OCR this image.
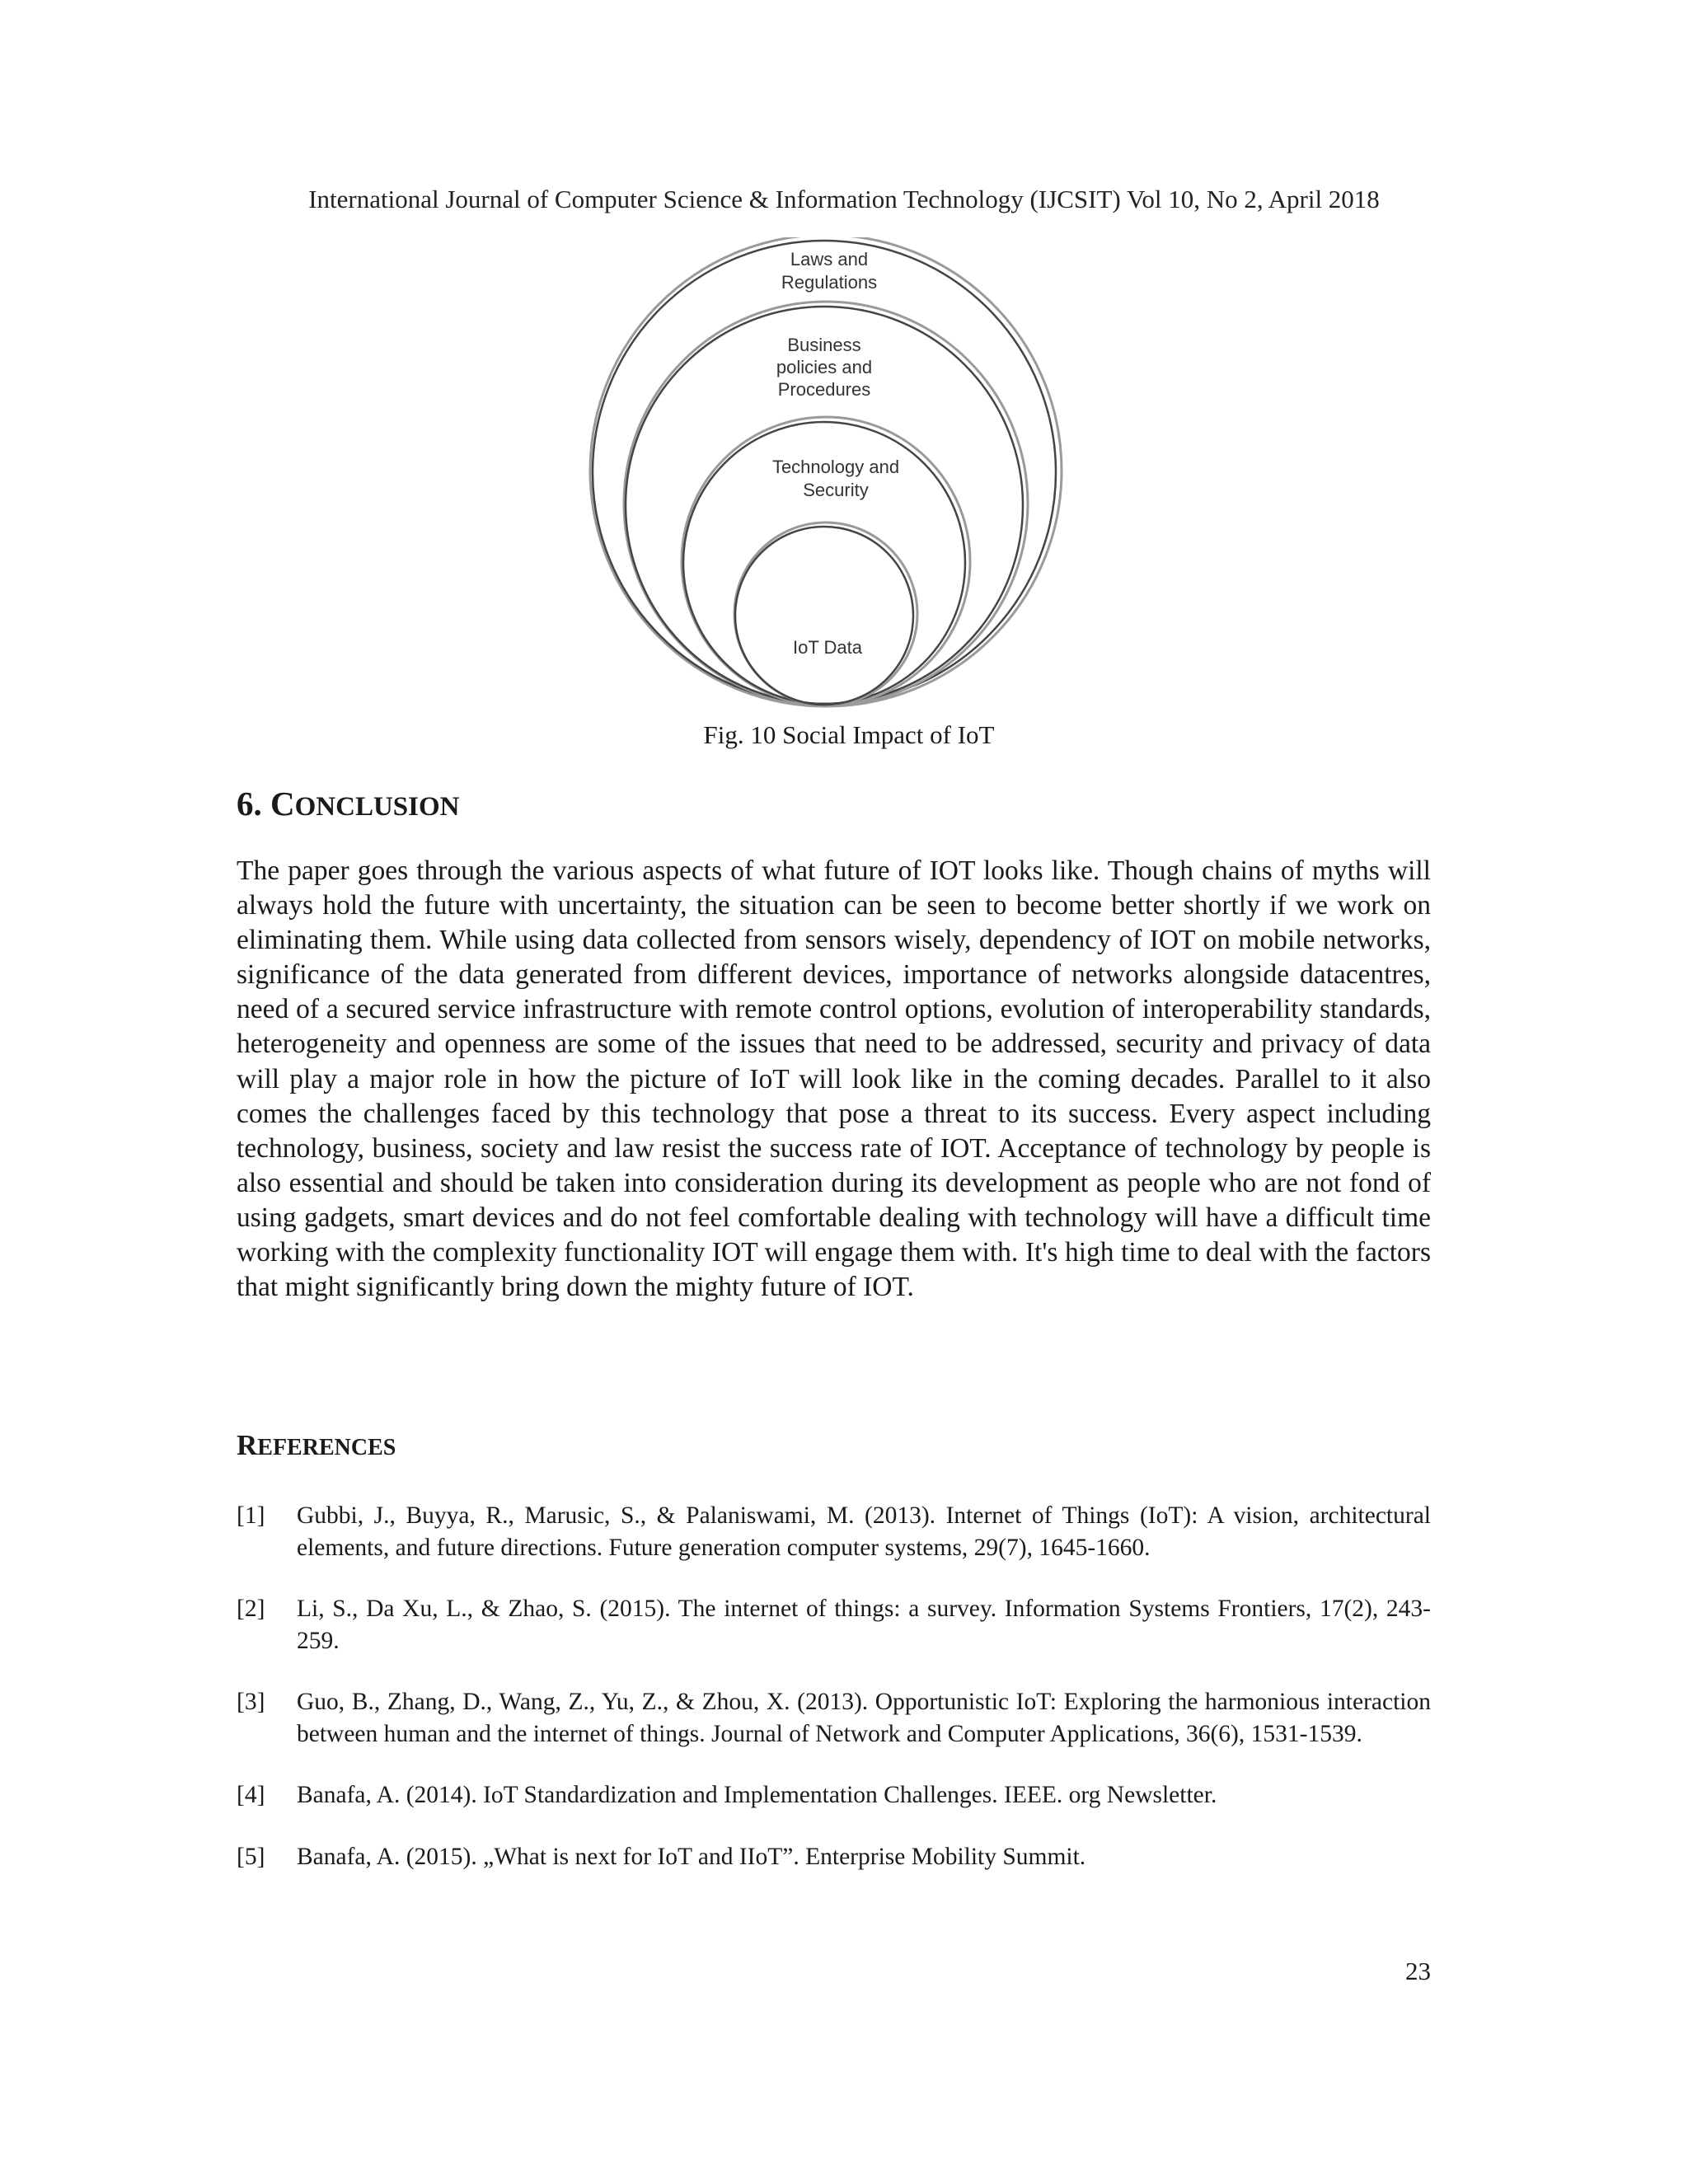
International Journal of Computer Science & Information Technology (IJCSIT) Vol 10, No 2, April 2018
Laws and
Regulations
Business
policies and
Procedures
Technology and
Security
IoT Data
Fig. 10 Social Impact of IoT
6. CONCLUSION

The paper goes through the various aspects of what future of IOT looks like. Though chains of myths will always hold the future with uncertainty, the situation can be seen to become better shortly if we work on eliminating them. While using data collected from sensors wisely, dependency of IOT on mobile networks, significance of the data generated from different devices, importance of networks alongside datacentres, need of a secured service infrastructure with remote control options, evolution of interoperability standards, heterogeneity and openness are some of the issues that need to be addressed, security and privacy of data will play a major role in how the picture of IoT will look like in the coming decades. Parallel to it also comes the challenges faced by this technology that pose a threat to its success. Every aspect including technology, business, society and law resist the success rate of IOT. Acceptance of technology by people is also essential and should be taken into consideration during its development as people who are not fond of using gadgets, smart devices and do not feel comfortable dealing with technology will have a difficult time working with the complexity functionality IOT will engage them with. It's high time to deal with the factors that might significantly bring down the mighty future of IOT.

REFERENCES
[1] Gubbi, J., Buyya, R., Marusic, S., & Palaniswami, M. (2013). Internet of Things (IoT): A vision, architectural elements, and future directions. Future generation computer systems, 29(7), 1645-1660.
[2] Li, S., Da Xu, L., & Zhao, S. (2015). The internet of things: a survey. Information Systems Frontiers, 17(2), 243-259.
[3] Guo, B., Zhang, D., Wang, Z., Yu, Z., & Zhou, X. (2013). Opportunistic IoT: Exploring the harmonious interaction between human and the internet of things. Journal of Network and Computer Applications, 36(6), 1531-1539.
[4] Banafa, A. (2014). IoT Standardization and Implementation Challenges. IEEE. org Newsletter.
[5] Banafa, A. (2015). „What is next for IoT and IIoT”. Enterprise Mobility Summit.
23
